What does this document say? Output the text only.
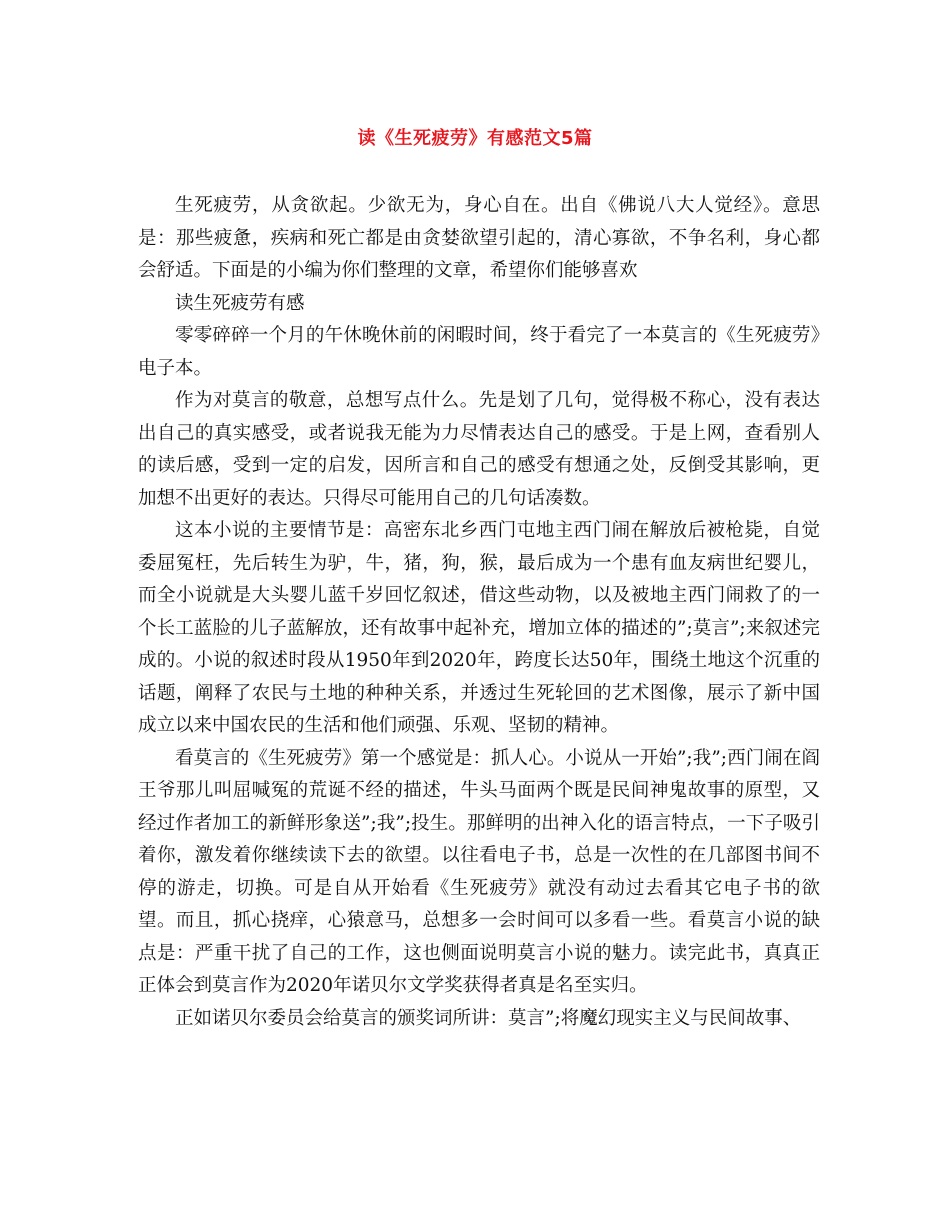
读《生死疲劳》有感范文5篇

生死疲劳，从贪欲起。少欲无为，身心自在。出自《佛说八大人觉经》。意思是：那些疲惫，疾病和死亡都是由贪婪欲望引起的，清心寡欲，不争名利，身心都会舒适。下面是的小编为你们整理的文章，希望你们能够喜欢

读生死疲劳有感

零零碎碎一个月的午休晚休前的闲暇时间，终于看完了一本莫言的《生死疲劳》电子本。

作为对莫言的敬意，总想写点什么。先是划了几句，觉得极不称心，没有表达出自己的真实感受，或者说我无能为力尽情表达自己的感受。于是上网，查看别人的读后感，受到一定的启发，因所言和自己的感受有想通之处，反倒受其影响，更加想不出更好的表达。只得尽可能用自己的几句话凑数。

这本小说的主要情节是：高密东北乡西门屯地主西门闹在解放后被枪毙，自觉委屈冤枉，先后转生为驴，牛，猪，狗，猴，最后成为一个患有血友病世纪婴儿，而全小说就是大头婴儿蓝千岁回忆叙述，借这些动物，以及被地主西门闹救了的一个长工蓝脸的儿子蓝解放，还有故事中起补充，增加立体的描述的”;莫言”;来叙述完成的。小说的叙述时段从1950年到2020年，跨度长达50年，围绕土地这个沉重的话题，阐释了农民与土地的种种关系，并透过生死轮回的艺术图像，展示了新中国成立以来中国农民的生活和他们顽强、乐观、坚韧的精神。

看莫言的《生死疲劳》第一个感觉是：抓人心。小说从一开始”;我”;西门闹在阎王爷那儿叫屈喊冤的荒诞不经的描述，牛头马面两个既是民间神鬼故事的原型，又经过作者加工的新鲜形象送”;我”;投生。那鲜明的出神入化的语言特点，一下子吸引着你，激发着你继续读下去的欲望。以往看电子书，总是一次性的在几部图书间不停的游走，切换。可是自从开始看《生死疲劳》就没有动过去看其它电子书的欲望。而且，抓心挠痒，心猿意马，总想多一会时间可以多看一些。看莫言小说的缺点是：严重干扰了自己的工作，这也侧面说明莫言小说的魅力。读完此书，真真正正体会到莫言作为2020年诺贝尔文学奖获得者真是名至实归。

正如诺贝尔委员会给莫言的颁奖词所讲：莫言”;将魔幻现实主义与民间故事、
